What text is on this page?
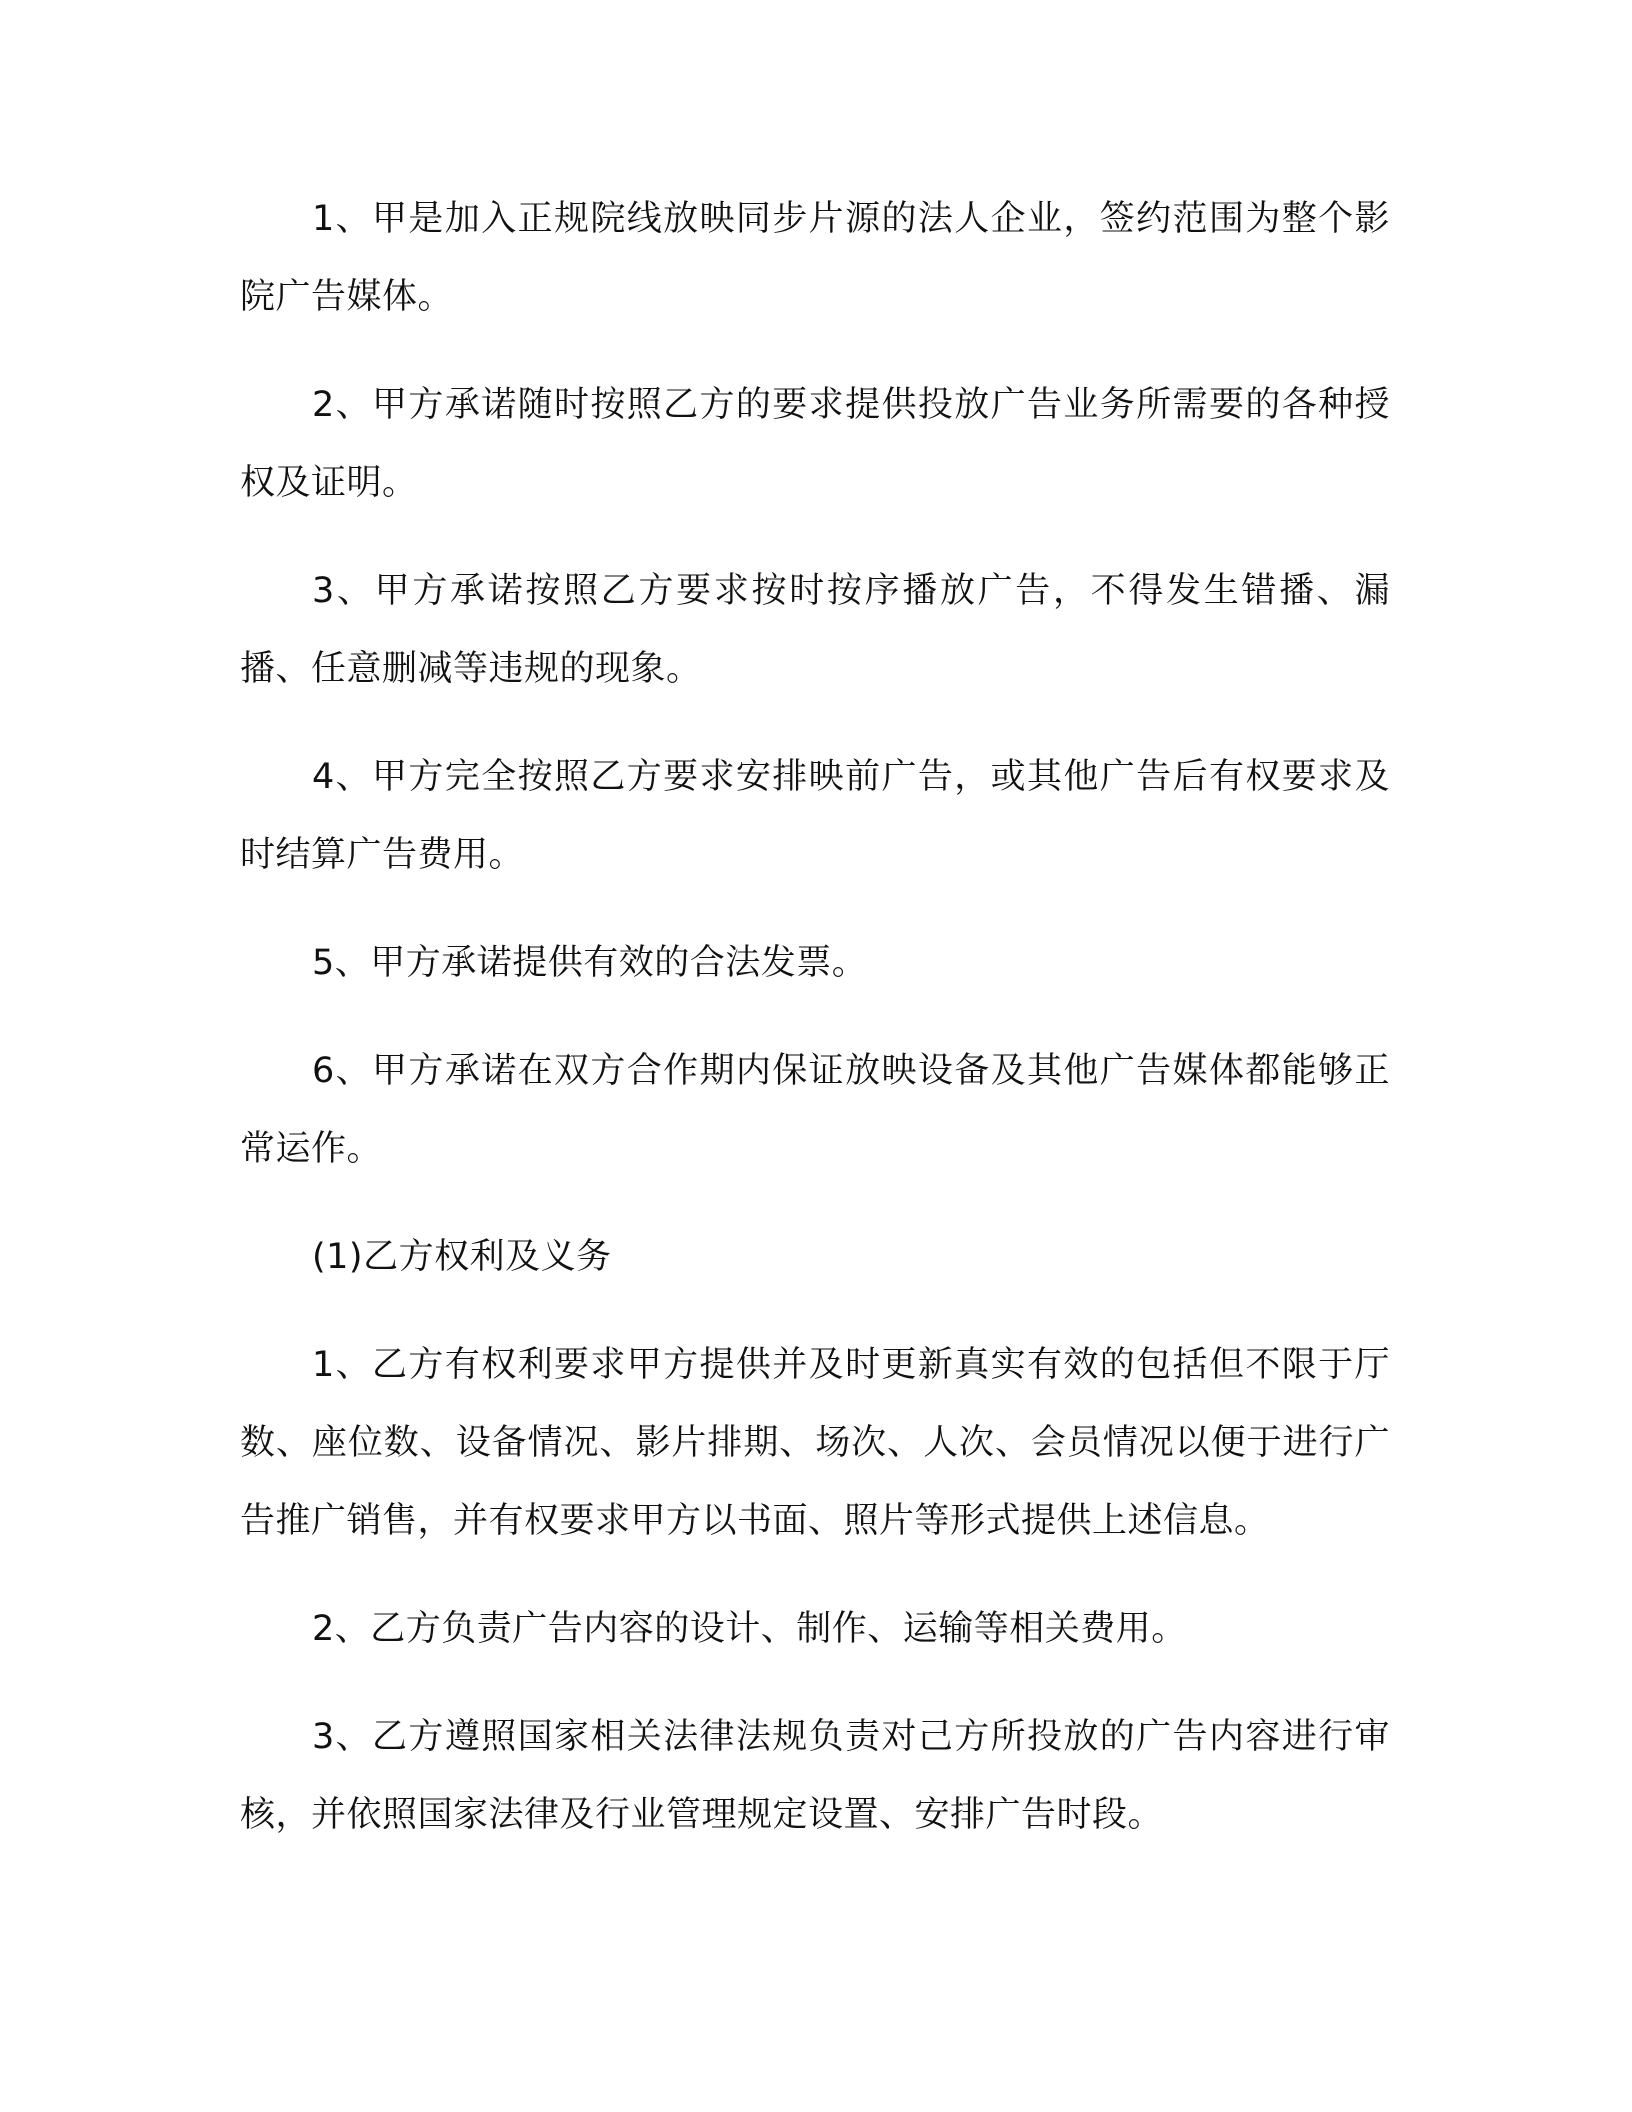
1、甲是加入正规院线放映同步片源的法人企业，签约范围为整个影院广告媒体。

2、甲方承诺随时按照乙方的要求提供投放广告业务所需要的各种授权及证明。

3、甲方承诺按照乙方要求按时按序播放广告，不得发生错播、漏播、任意删减等违规的现象。

4、甲方完全按照乙方要求安排映前广告，或其他广告后有权要求及时结算广告费用。

5、甲方承诺提供有效的合法发票。

6、甲方承诺在双方合作期内保证放映设备及其他广告媒体都能够正常运作。

(1)乙方权利及义务

1、乙方有权利要求甲方提供并及时更新真实有效的包括但不限于厅数、座位数、设备情况、影片排期、场次、人次、会员情况以便于进行广告推广销售，并有权要求甲方以书面、照片等形式提供上述信息。

2、乙方负责广告内容的设计、制作、运输等相关费用。

3、乙方遵照国家相关法律法规负责对己方所投放的广告内容进行审核，并依照国家法律及行业管理规定设置、安排广告时段。
